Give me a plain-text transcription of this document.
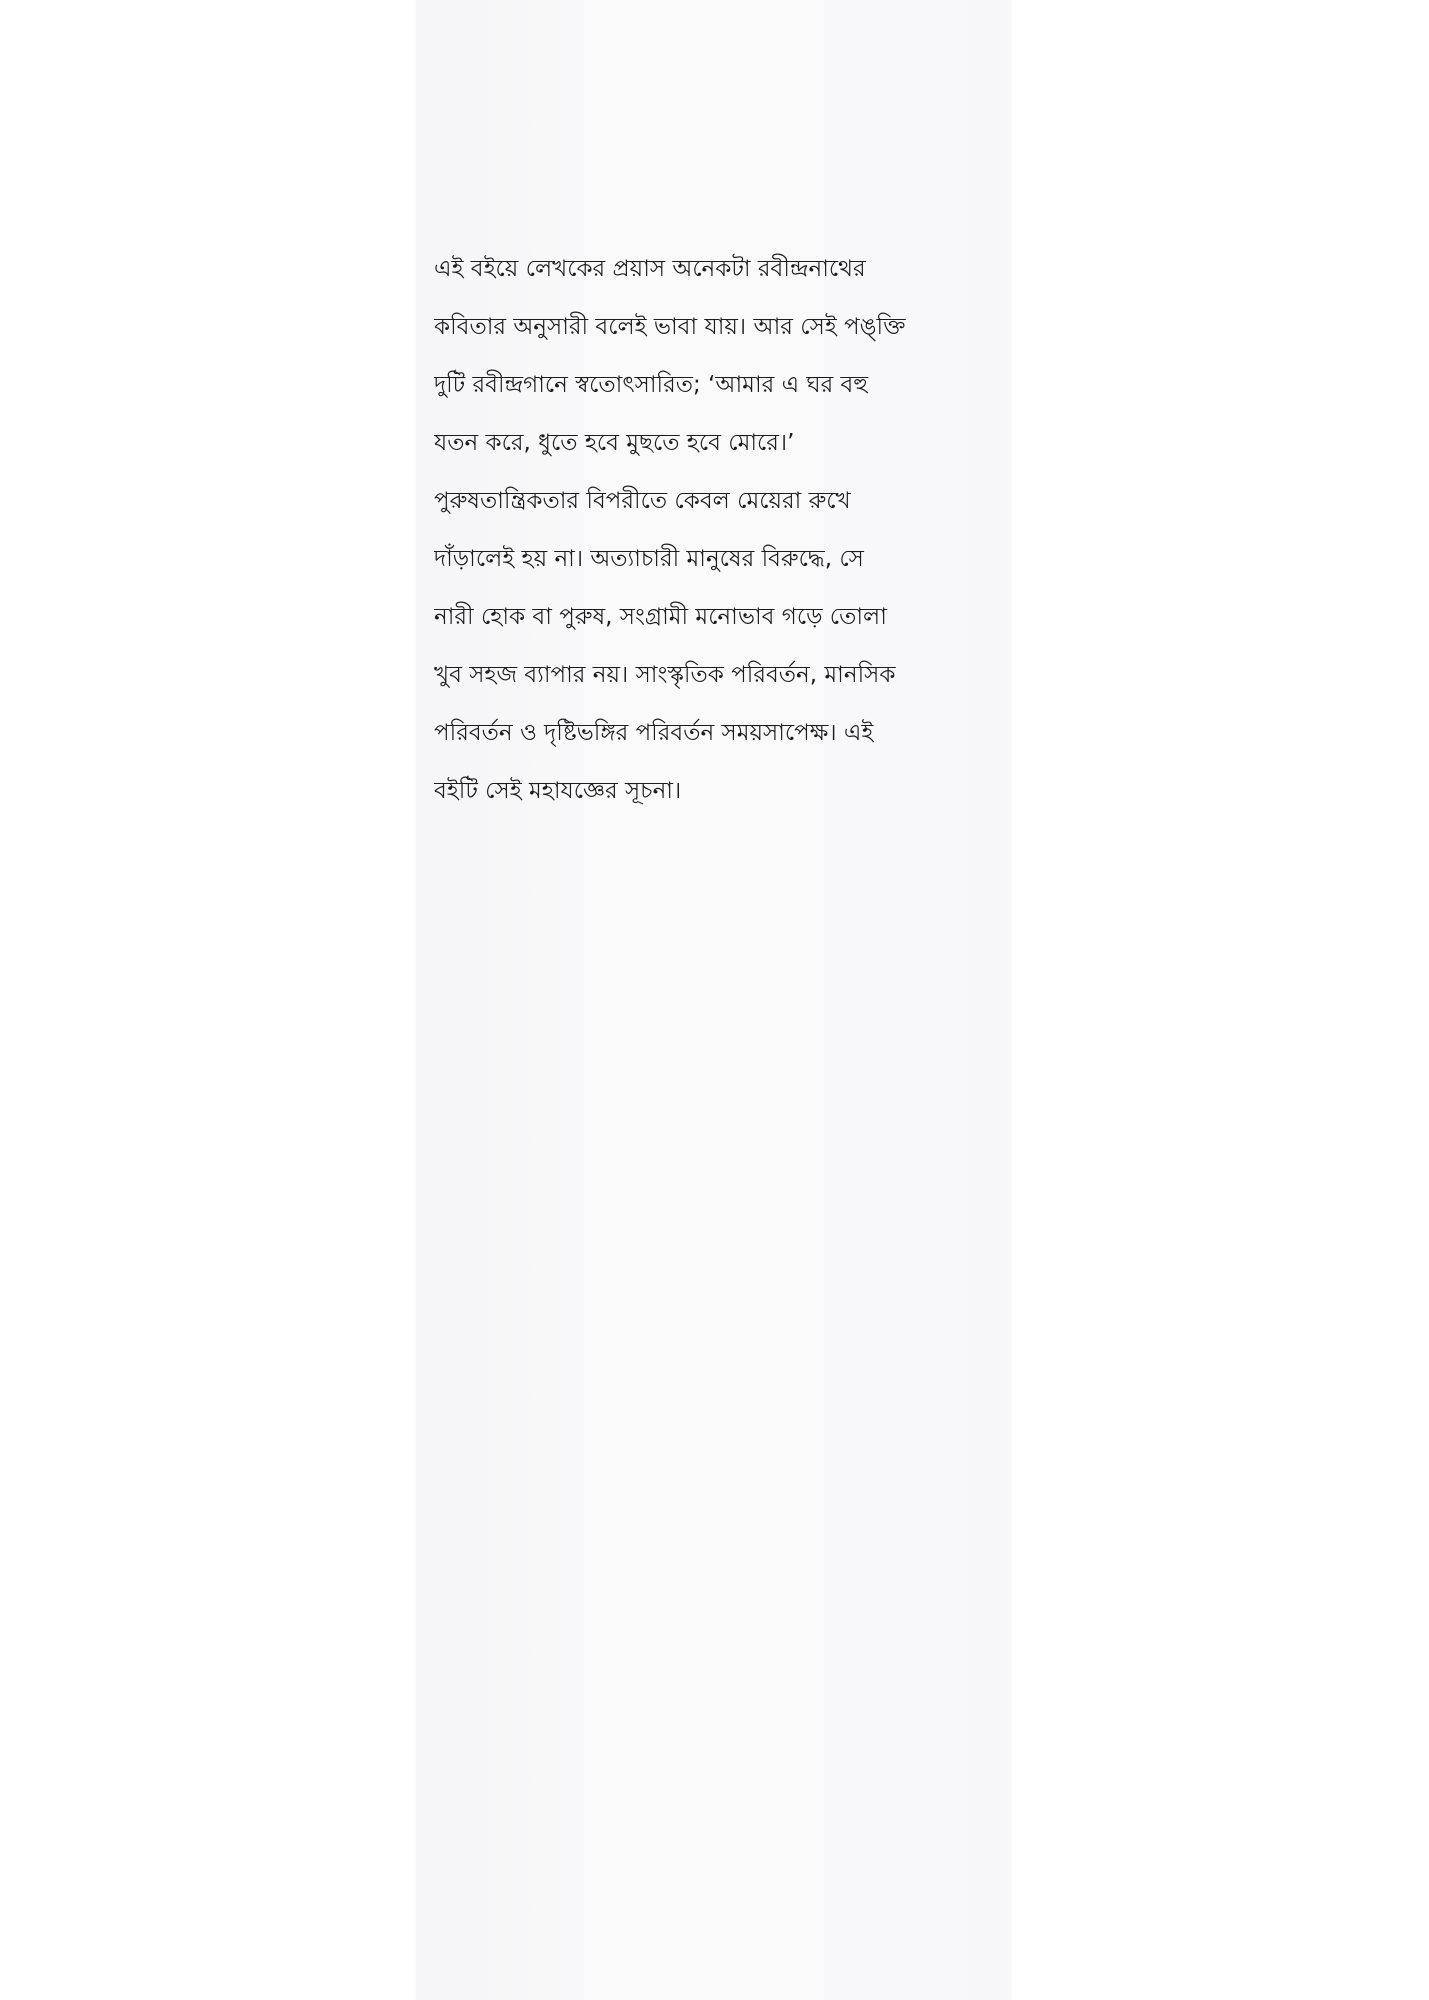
এই বইয়ে লেখকের প্রয়াস অনেকটা রবীন্দ্রনাথের
কবিতার অনুসারী বলেই ভাবা যায়। আর সেই পঙ্‌ক্তি
দুটি রবীন্দ্রগানে স্বতোৎসারিত; ‘আমার এ ঘর বহু
যতন করে, ধুতে হবে মুছতে হবে মোরে।’
পুরুষতান্ত্রিকতার বিপরীতে কেবল মেয়েরা রুখে
দাঁড়ালেই হয় না। অত্যাচারী মানুষের বিরুদ্ধে, সে
নারী হোক বা পুরুষ, সংগ্রামী মনোভাব গড়ে তোলা
খুব সহজ ব্যাপার নয়। সাংস্কৃতিক পরিবর্তন, মানসিক
পরিবর্তন ও দৃষ্টিভঙ্গির পরিবর্তন সময়সাপেক্ষ। এই
বইটি সেই মহাযজ্ঞের সূচনা।
